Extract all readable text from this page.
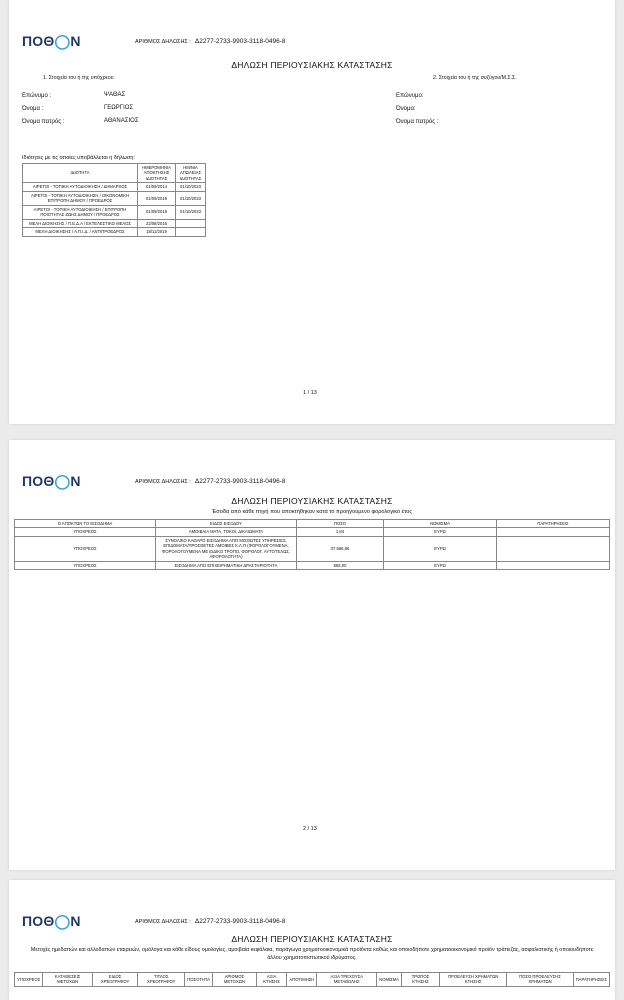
ΠΟΘ◯Ν	ΑΡΙΘΜΟΣ ΔΗΛΩΣΗΣ : Δ2277-2733-9903-3118-0496-8
ΔΗΛΩΣΗ ΠΕΡΙΟΥΣΙΑΚΗΣ ΚΑΤΑΣΤΑΣΗΣ
1. Στοιχεία του ή της υπόχρεου	2. Στοιχεία του ή της συζύγου/Μ.Σ.Σ.
Επώνυμο :	ΨΑΘΑΣ
Όνομα :	ΓΕΩΡΓΙΟΣ
Όνομα πατρός :	ΑΘΑΝΑΣΙΟΣ
Επώνυμο:
Όνομα:
Όνομα πατρός :
Ιδιότητες με τις οποίες υποβάλλεται η δήλωση:
ΙΔΙΟΤΗΤΑ	ΗΜΕΡΟΜΗΝΙΑ ΑΠΟΚΤΗΣΗΣ ΙΔΙΟΤΗΤΑΣ	ΗΜ/ΝΙΑ ΑΠΩΛΕΙΑΣ ΙΔΙΟΤΗΤΑΣ
ΑΙΡΕΤΟΙ - ΤΟΠΙΚΗ ΑΥΤΟΔΙΟΙΚΗΣΗ / ΔΗΜΑΡΧΟΣ	01/09/2014	01/10/2023
ΑΙΡΕΤΟΙ - ΤΟΠΙΚΗ ΑΥΤΟΔΙΟΙΚΗΣΗ / ΟΙΚΟΝΟΜΙΚΗ ΕΠΙΤΡΟΠΗ ΔΗΜΟΥ / ΠΡΟΕΔΡΟΣ	01/09/2019	01/10/2023
ΑΙΡΕΤΟΙ - ΤΟΠΙΚΗ ΑΥΤΟΔΙΟΙΚΗΣΗ / ΕΠΙΤΡΟΠΗ ΠΟΙΟΤΗΤΑΣ ΖΩΗΣ ΔΗΜΟΥ / ΠΡΟΕΔΡΟΣ	01/09/2019	01/10/2023
ΜΕΛΗ ΔΙΟΙΚΗΣΗΣ / Π.Ε.Δ.Α / ΕΚΤΕΛΕΣΤΙΚΟ ΜΕΛΟΣ	22/08/2016	
ΜΕΛΗ ΔΙΟΙΚΗΣΗΣ / Α.Π.Ι.Δ. / ΑΝΤΙΠΡΟΕΔΡΟΣ	18/11/2019	
1 / 13
ΠΟΘ◯Ν	ΑΡΙΘΜΟΣ ΔΗΛΩΣΗΣ : Δ2277-2733-9903-3118-0496-8
ΔΗΛΩΣΗ ΠΕΡΙΟΥΣΙΑΚΗΣ ΚΑΤΑΣΤΑΣΗΣ
Έσοδα από κάθε πηγή που αποκτήθηκαν κατά το προηγούμενο φορολογικό έτος
Ο ΑΠΟΚΤΩΝ ΤΟ ΕΙΣΟΔΗΜΑ	ΕΙΔΟΣ ΕΙΣΟΔΟΥ	ΠΟΣΟ	ΝΟΜΙΣΜΑ	ΠΑΡΑΤΗΡΗΣΕΙΣ
ΥΠΟΧΡΕΟΣ	ΑΜΟΙΒΑΙΑ ΜΑΤΑ, ΤΟΚΟΙ, ΔΙΚΑΙΩΜΑΤΑ	1,84	ΕΥΡΩ	
ΥΠΟΧΡΕΟΣ	ΣΥΝΟΛΙΚΟ ΚΑΘΑΡΟ ΕΙΣΟΔΗΜΑ ΑΠΟ ΜΙΣΘΩΤΕΣ ΥΠΗΡΕΣΙΕΣ, ΕΠΙΔΟΜΑΤΑ/ΠΡΟΣΘΕΤΕΣ ΑΜΟΙΒΕΣ Κ.Λ.Π.(ΦΟΡΟΛΟΓΟΥΜΕΝΑ, ΦΟΡΟΛΟΓΟΥΜΕΝΑ ΜΕ ΕΙΔΙΚΟ ΤΡΟΠΟ, ΦΟΡΟΛΟΓ. ΑΥΤΟΤΕΛΩΣ, ΑΦΟΡΟΛΟΓΗΤΑ)	37.566,86	ΕΥΡΩ	
ΥΠΟΧΡΕΟΣ	ΕΙΣΟΔΗΜΑ ΑΠΟ ΕΠΙΧΕΙΡΗΜΑΤΙΚΗ ΔΡΑΣΤΗΡΙΟΤΗΤΑ	665,00	ΕΥΡΩ	
2 / 13
ΠΟΘ◯Ν	ΑΡΙΘΜΟΣ ΔΗΛΩΣΗΣ : Δ2277-2733-9903-3118-0496-8
ΔΗΛΩΣΗ ΠΕΡΙΟΥΣΙΑΚΗΣ ΚΑΤΑΣΤΑΣΗΣ
Μετοχές ημεδαπών και αλλοδαπών εταιρειών, ομόλογα και κάθε είδους ομολογίες, αμοιβαία κεφάλαια, παράγωγα χρηματοοικονομικά προϊόντα καθώς και οποιοδήποτε χρηματοοικονομικό προϊόν τράπεζας, ασφαλιστικής ή οποιουδήποτε άλλου χρηματοπιστωτικού ιδρύματος.
ΥΠΟΧΡΕΟΣ	ΚΑΤΑΘΕΣΕΙΣ ΜΕΤΟΧΩΝ	ΕΙΔΟΣ ΧΡΕΟΓΡΑΦΟΥ	ΤΙΤΛΟΣ ΧΡΕΟΓΡΑΦΟΥ	ΠΟΣΟΤΗΤΑ	ΑΡΙΘΜΟΣ ΜΕΤΟΧΩΝ	ΑΞΙΑ ΚΤΗΣΗΣ	ΑΠΟΤΙΜΗΣΗ	ΑΞΙΑ ΤΡΕΧΟΥΣΑ ΜΕΤΑΒΟΛΗΣ	ΝΟΜΙΣΜΑ	ΤΡΟΠΟΣ ΚΤΗΣΗΣ	ΠΡΟΕΛΕΥΣΗ ΧΡΗΜΑΤΩΝ ΚΤΗΣΗΣ	ΠΟΣΟ ΠΡΟΕΛΕΥΣΗΣ ΧΡΗΜΑΤΩΝ	ΠΑΡΑΤΗΡΗΣΕΙΣ
